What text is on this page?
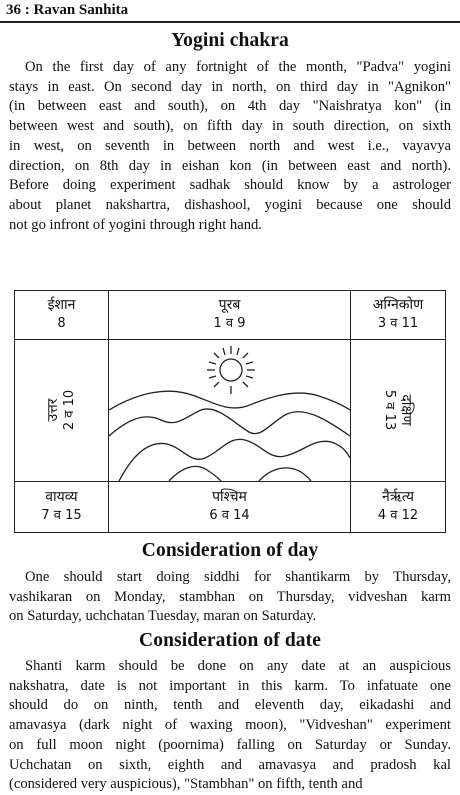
36 : Ravan Sanhita
Yogini chakra
On the first day of any fortnight of the month, "Padva" yogini
stays in east. On second day in north, on third day in "Agnikon"
(in between east and south), on 4th day "Naishratya kon" (in
between west and south), on fifth day in south direction, on sixth
in west, on seventh in between north and west i.e., vayavya
direction, on 8th day in eishan kon (in between east and north).
Before doing experiment sadhak should know by a astrologer
about planet nakshartra, dishashool, yogini because one should
not go infront of yogini through right hand.
ईशान
8
पूरब
1 व 9
अग्निकोण
3 व 11
उत्तर 2 व 10	दक्षिण
5 व 13
वायव्य
7 व 15
पश्चिम
6 व 14
नैर्ऋत्य
4 व 12
Consideration of day
One should start doing siddhi for shantikarm by Thursday,
vashikaran on Monday, stambhan on Thursday, vidveshan karm
on Saturday, uchchatan Tuesday, maran on Saturday.
Consideration of date
Shanti karm should be done on any date at an auspicious
nakshatra, date is not important in this karm. To infatuate one
should do on ninth, tenth and eleventh day, eikadashi and
amavasya (dark night of waxing moon), "Vidveshan" experiment
on full moon night (poornima) falling on Saturday or Sunday.
Uchchatan on sixth, eighth and amavasya and pradosh kal
(considered very auspicious), "Stambhan" on fifth, tenth and
